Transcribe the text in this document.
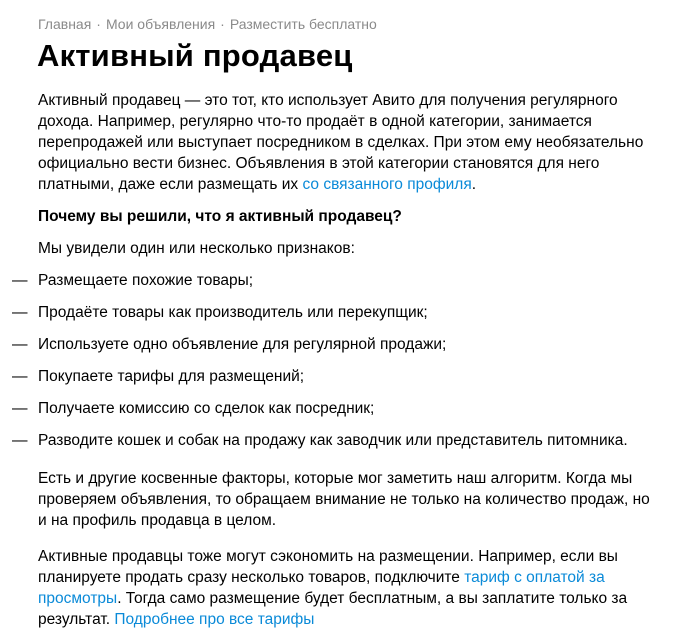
Главная · Мои объявления · Разместить бесплатно
Активный продавец

Активный продавец — это тот, кто использует Авито для получения регулярного дохода. Например, регулярно что-то продаёт в одной категории, занимается перепродажей или выступает посредником в сделках. При этом ему необязательно официально вести бизнес. Объявления в этой категории становятся для него платными, даже если размещать их со связанного профиля.

Почему вы решили, что я активный продавец?

Мы увидели один или несколько признаков:

— Размещаете похожие товары;
— Продаёте товары как производитель или перекупщик;
— Используете одно объявление для регулярной продажи;
— Покупаете тарифы для размещений;
— Получаете комиссию со сделок как посредник;
— Разводите кошек и собак на продажу как заводчик или представитель питомника.

Есть и другие косвенные факторы, которые мог заметить наш алгоритм. Когда мы проверяем объявления, то обращаем внимание не только на количество продаж, но и на профиль продавца в целом.

Активные продавцы тоже могут сэкономить на размещении. Например, если вы планируете продать сразу несколько товаров, подключите тариф с оплатой за просмотры. Тогда само размещение будет бесплатным, а вы заплатите только за результат. Подробнее про все тарифы
